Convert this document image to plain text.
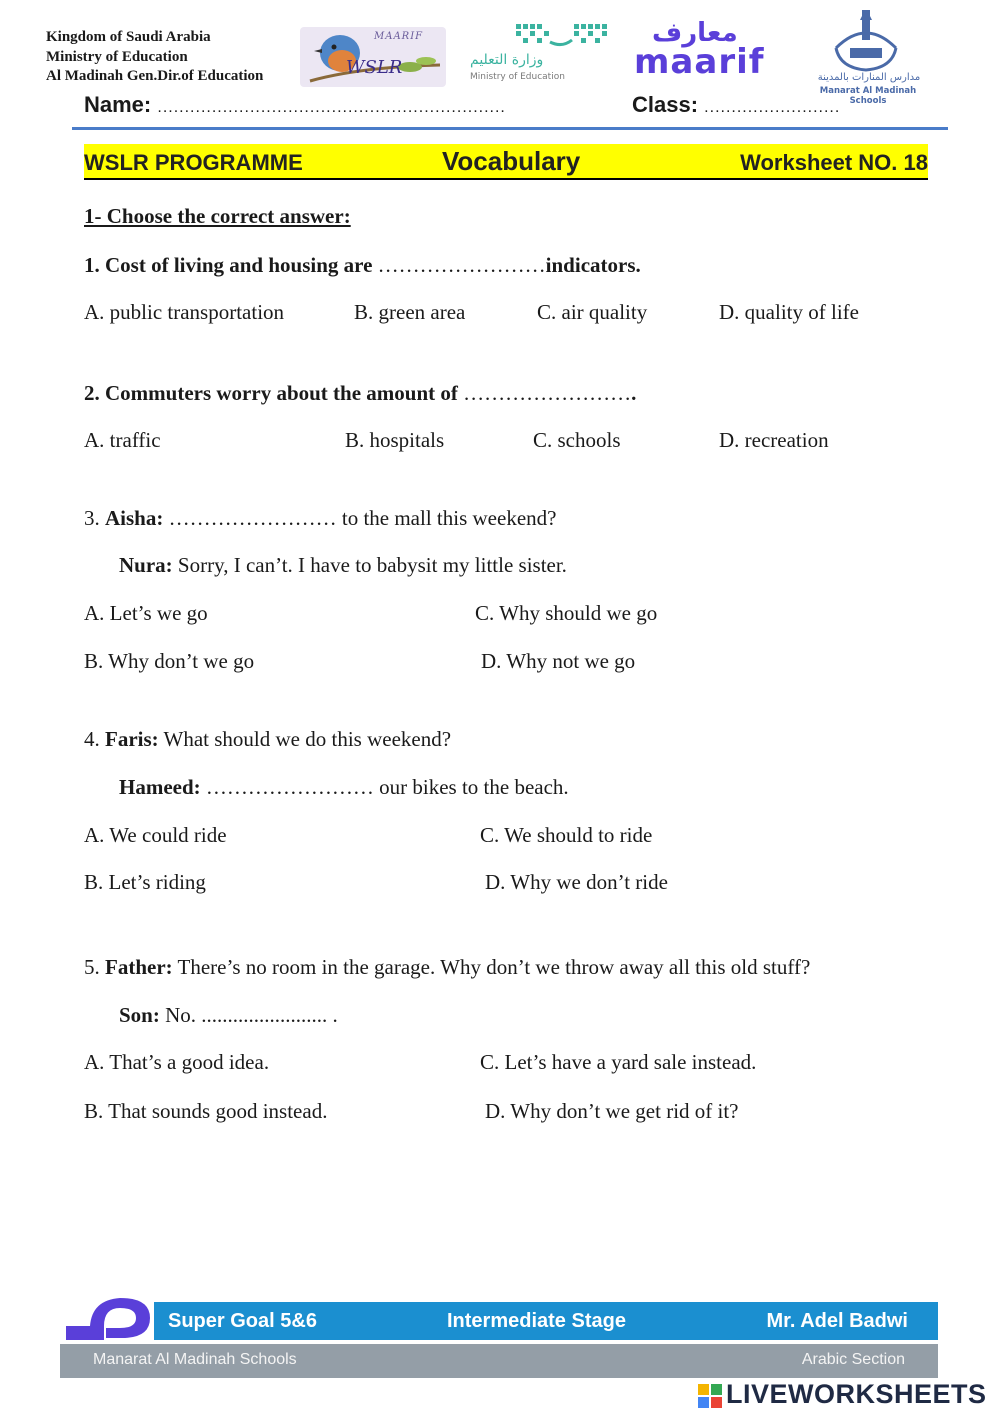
Kingdom of Saudi Arabia
Ministry of Education
Al Madinah Gen.Dir.of Education	WSLR
MAARIF
وزارة التعليم
Ministry of Education
معارف
maarif	مدارس المنارات بالمدينة
Manarat Al Madinah Schools
Name: ................................................................	Class: .........................
WSLR PROGRAMME	Vocabulary	Worksheet NO. 18
1- Choose the correct answer:
1. Cost of living and housing are ……………………indicators.
A. public transportation	B. green area	C. air quality	D. quality of life
2. Commuters worry about the amount of …………………….
A. traffic	B. hospitals	C. schools	D. recreation
3. Aisha: …………………… to the mall this weekend?
Nura: Sorry, I can’t. I have to babysit my little sister.
A. Let’s we go	C. Why should we go
B. Why don’t we go	D. Why not we go
4. Faris: What should we do this weekend?
Hameed: …………………… our bikes to the beach.
A. We could ride	C. We should to ride
B. Let’s riding	D. Why we don’t ride
5. Father: There’s no room in the garage. Why don’t we throw away all this old stuff?
Son: No. ........................ .
A. That’s a good idea.	C. Let’s have a yard sale instead.
B. That sounds good instead.	D. Why don’t we get rid of it?
Super Goal 5&6	Intermediate Stage	Mr. Adel Badwi
Manarat Al Madinah Schools	Arabic Section
LIVEWORKSHEETS
